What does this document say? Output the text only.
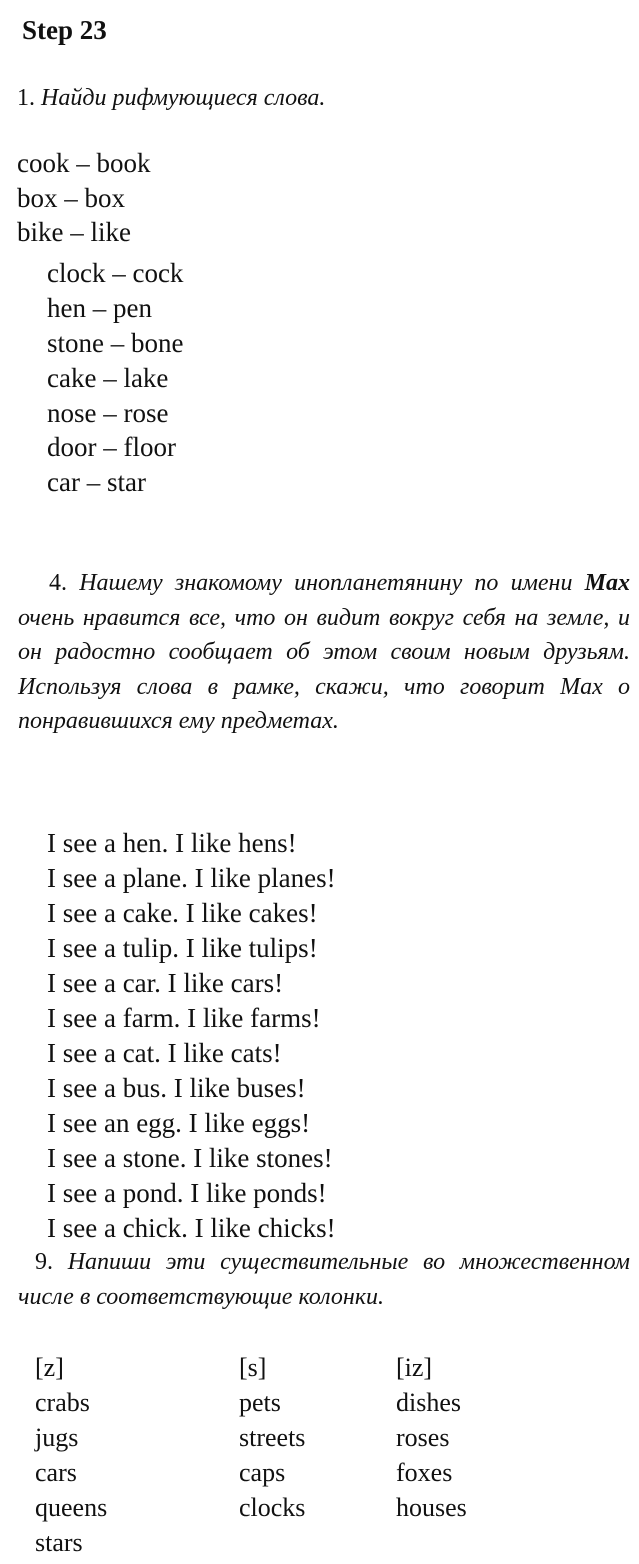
Step 23
1. Найди рифмующиеся слова.
cook – book
box – box
bike – like
clock – cock
hen – pen
stone – bone
cake – lake
nose – rose
door – floor
car – star

4. Нашему знакомому инопланетянину по имени Max очень нравится все, что он видит вокруг себя на земле, и он радостно сообщает об этом своим новым друзьям. Используя слова в рамке, скажи, что говорит Max о понравившихся ему предметах.

I see a hen. I like hens!
I see a plane. I like planes!
I see a cake. I like cakes!
I see a tulip. I like tulips!
I see a car. I like cars!
I see a farm. I like farms!
I see a cat. I like cats!
I see a bus. I like buses!
I see an egg. I like eggs!
I see a stone. I like stones!
I see a pond. I like ponds!
I see a chick. I like chicks!

9. Напиши эти существительные во множественном числе в соответствующие колонки.

[z]
crabs
jugs
cars
queens
stars
[s]
pets
streets
caps
clocks
[iz]
dishes
roses
foxes
houses
